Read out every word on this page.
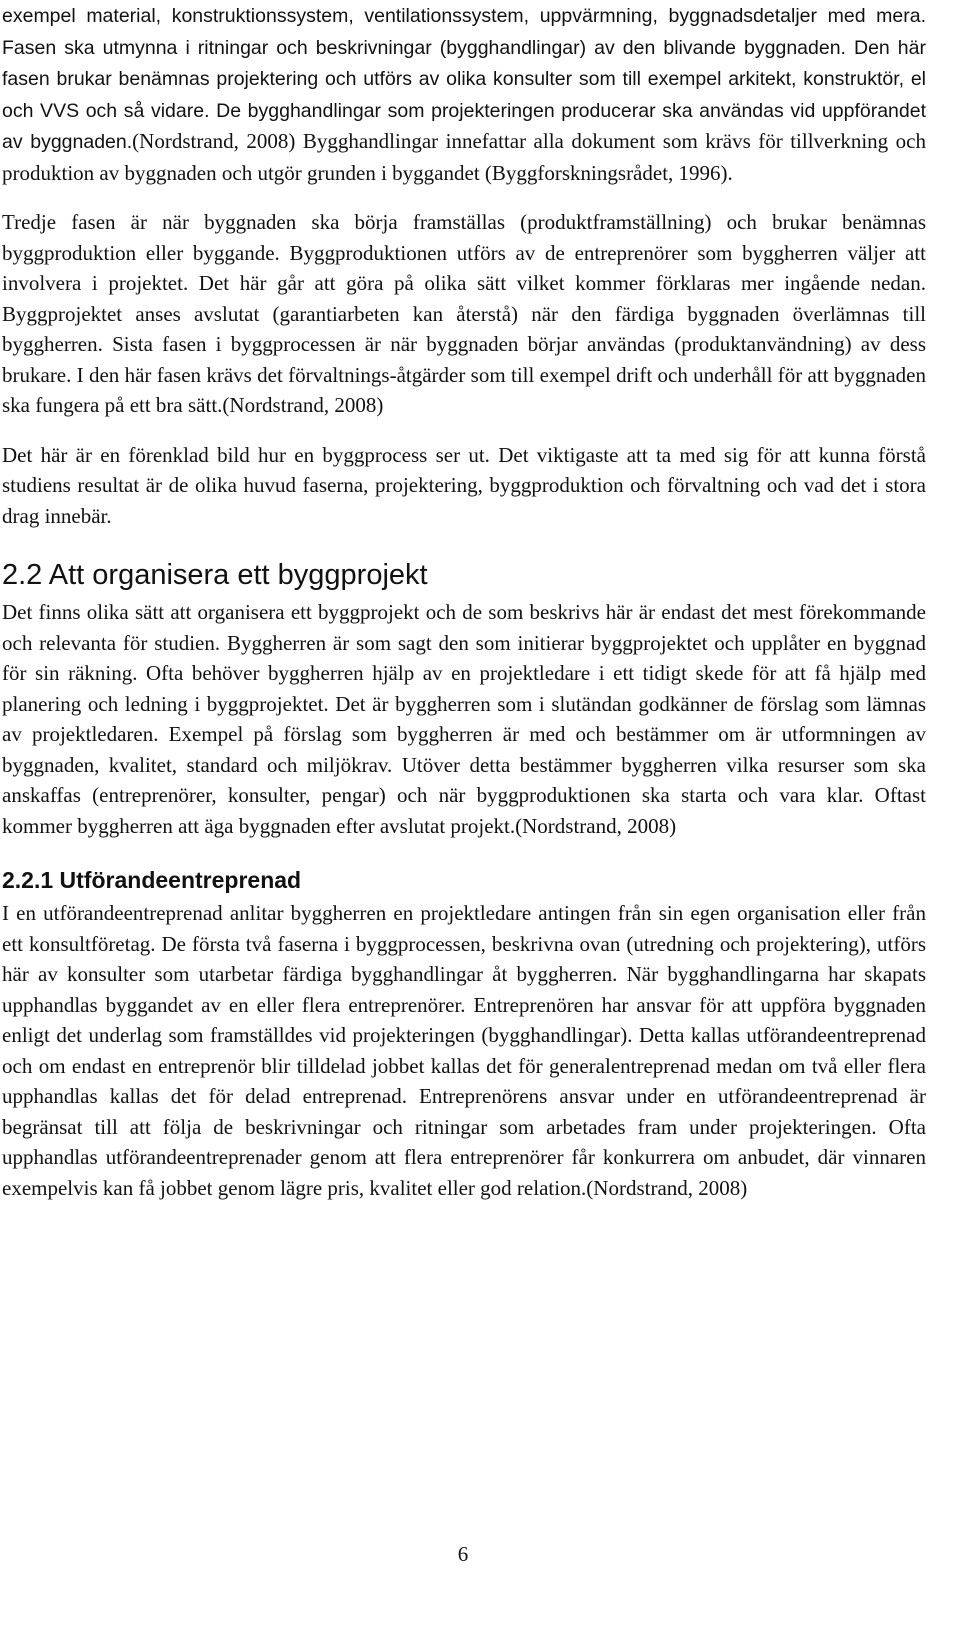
exempel material, konstruktionssystem, ventilationssystem, uppvärmning, byggnadsdetaljer med mera. Fasen ska utmynna i ritningar och beskrivningar (bygghandlingar) av den blivande byggnaden. Den här fasen brukar benämnas projektering och utförs av olika konsulter som till exempel arkitekt, konstruktör, el och VVS och så vidare. De bygghandlingar som projekteringen producerar ska användas vid uppförandet av byggnaden.(Nordstrand, 2008) Bygghandlingar innefattar alla dokument som krävs för tillverkning och produktion av byggnaden och utgör grunden i byggandet (Byggforskningsrådet, 1996).

Tredje fasen är när byggnaden ska börja framställas (produktframställning) och brukar benämnas byggproduktion eller byggande. Byggproduktionen utförs av de entreprenörer som byggherren väljer att involvera i projektet. Det här går att göra på olika sätt vilket kommer förklaras mer ingående nedan. Byggprojektet anses avslutat (garantiarbeten kan återstå) när den färdiga byggnaden överlämnas till byggherren. Sista fasen i byggprocessen är när byggnaden börjar användas (produktanvändning) av dess brukare. I den här fasen krävs det förvaltnings-åtgärder som till exempel drift och underhåll för att byggnaden ska fungera på ett bra sätt.(Nordstrand, 2008)

Det här är en förenklad bild hur en byggprocess ser ut. Det viktigaste att ta med sig för att kunna förstå studiens resultat är de olika huvud faserna, projektering, byggproduktion och förvaltning och vad det i stora drag innebär.

2.2 Att organisera ett byggprojekt

Det finns olika sätt att organisera ett byggprojekt och de som beskrivs här är endast det mest förekommande och relevanta för studien. Byggherren är som sagt den som initierar byggprojektet och upplåter en byggnad för sin räkning. Ofta behöver byggherren hjälp av en projektledare i ett tidigt skede för att få hjälp med planering och ledning i byggprojektet. Det är byggherren som i slutändan godkänner de förslag som lämnas av projektledaren. Exempel på förslag som byggherren är med och bestämmer om är utformningen av byggnaden, kvalitet, standard och miljökrav. Utöver detta bestämmer byggherren vilka resurser som ska anskaffas (entreprenörer, konsulter, pengar) och när byggproduktionen ska starta och vara klar. Oftast kommer byggherren att äga byggnaden efter avslutat projekt.(Nordstrand, 2008)

2.2.1 Utförandeentreprenad

I en utförandeentreprenad anlitar byggherren en projektledare antingen från sin egen organisation eller från ett konsultföretag. De första två faserna i byggprocessen, beskrivna ovan (utredning och projektering), utförs här av konsulter som utarbetar färdiga bygghandlingar åt byggherren. När bygghandlingarna har skapats upphandlas byggandet av en eller flera entreprenörer. Entreprenören har ansvar för att uppföra byggnaden enligt det underlag som framställdes vid projekteringen (bygghandlingar). Detta kallas utförandeentreprenad och om endast en entreprenör blir tilldelad jobbet kallas det för generalentreprenad medan om två eller flera upphandlas kallas det för delad entreprenad. Entreprenörens ansvar under en utförandeentreprenad är begränsat till att följa de beskrivningar och ritningar som arbetades fram under projekteringen. Ofta upphandlas utförandeentreprenader genom att flera entreprenörer får konkurrera om anbudet, där vinnaren exempelvis kan få jobbet genom lägre pris, kvalitet eller god relation.(Nordstrand, 2008)

6
